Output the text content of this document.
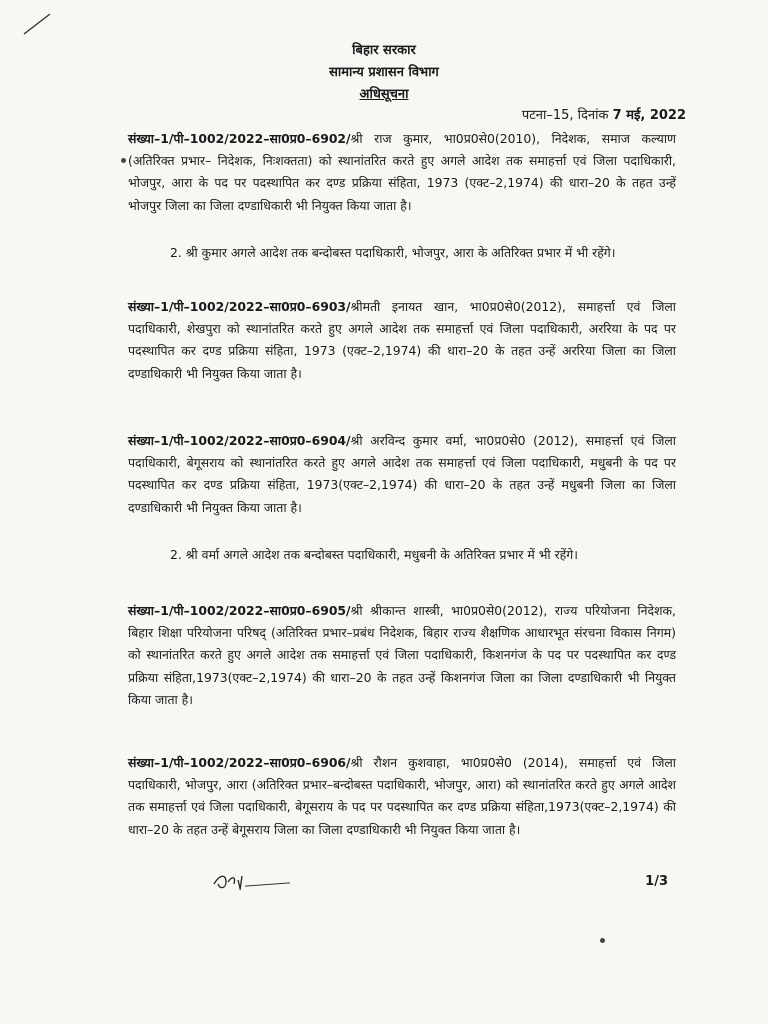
बिहार सरकार
सामान्य प्रशासन विभाग
अधिसूचना
पटना–15, दिनांक 7 मई, 2022
संख्या–1/पी–1002/2022–सा0प्र0–6902/श्री राज कुमार, भा0प्र0से0(2010), निदेशक, समाज कल्याण (अतिरिक्त प्रभार– निदेशक, निःशक्तता) को स्थानांतरित करते हुए अगले आदेश तक समाहर्त्ता एवं जिला पदाधिकारी, भोजपुर, आरा के पद पर पदस्थापित कर दण्ड प्रक्रिया संहिता, 1973 (एक्ट–2,1974) की धारा–20 के तहत उन्हें भोजपुर जिला का जिला दण्डाधिकारी भी नियुक्त किया जाता है।
2. श्री कुमार अगले आदेश तक बन्दोबस्त पदाधिकारी, भोजपुर, आरा के अतिरिक्त प्रभार में भी रहेंगे।
संख्या–1/पी–1002/2022–सा0प्र0–6903/श्रीमती इनायत खान, भा0प्र0से0(2012), समाहर्त्ता एवं जिला पदाधिकारी, शेखपुरा को स्थानांतरित करते हुए अगले आदेश तक समाहर्त्ता एवं जिला पदाधिकारी, अररिया के पद पर पदस्थापित कर दण्ड प्रक्रिया संहिता, 1973 (एक्ट–2,1974) की धारा–20 के तहत उन्हें अररिया जिला का जिला दण्डाधिकारी भी नियुक्त किया जाता है।
संख्या–1/पी–1002/2022–सा0प्र0–6904/श्री अरविन्द कुमार वर्मा, भा0प्र0से0 (2012), समाहर्त्ता एवं जिला पदाधिकारी, बेगूसराय को स्थानांतरित करते हुए अगले आदेश तक समाहर्त्ता एवं जिला पदाधिकारी, मधुबनी के पद पर पदस्थापित कर दण्ड प्रक्रिया संहिता, 1973(एक्ट–2,1974) की धारा–20 के तहत उन्हें मधुबनी जिला का जिला दण्डाधिकारी भी नियुक्त किया जाता है।
2. श्री वर्मा अगले आदेश तक बन्दोबस्त पदाधिकारी, मधुबनी के अतिरिक्त प्रभार में भी रहेंगे।
संख्या–1/पी–1002/2022–सा0प्र0–6905/श्री श्रीकान्त शास्त्री, भा0प्र0से0(2012), राज्य परियोजना निदेशक, बिहार शिक्षा परियोजना परिषद् (अतिरिक्त प्रभार–प्रबंध निदेशक, बिहार राज्य शैक्षणिक आधारभूत संरचना विकास निगम) को स्थानांतरित करते हुए अगले आदेश तक समाहर्त्ता एवं जिला पदाधिकारी, किशनगंज के पद पर पदस्थापित कर दण्ड प्रक्रिया संहिता,1973(एक्ट–2,1974) की धारा–20 के तहत उन्हें किशनगंज जिला का जिला दण्डाधिकारी भी नियुक्त किया जाता है।
संख्या–1/पी–1002/2022–सा0प्र0–6906/श्री रौशन कुशवाहा, भा0प्र0से0 (2014), समाहर्त्ता एवं जिला पदाधिकारी, भोजपुर, आरा (अतिरिक्त प्रभार–बन्दोबस्त पदाधिकारी, भोजपुर, आरा) को स्थानांतरित करते हुए अगले आदेश तक समाहर्त्ता एवं जिला पदाधिकारी, बेगूसराय के पद पर पदस्थापित कर दण्ड प्रक्रिया संहिता,1973(एक्ट–2,1974) की धारा–20 के तहत उन्हें बेगूसराय जिला का जिला दण्डाधिकारी भी नियुक्त किया जाता है।
ह०/
1/3
